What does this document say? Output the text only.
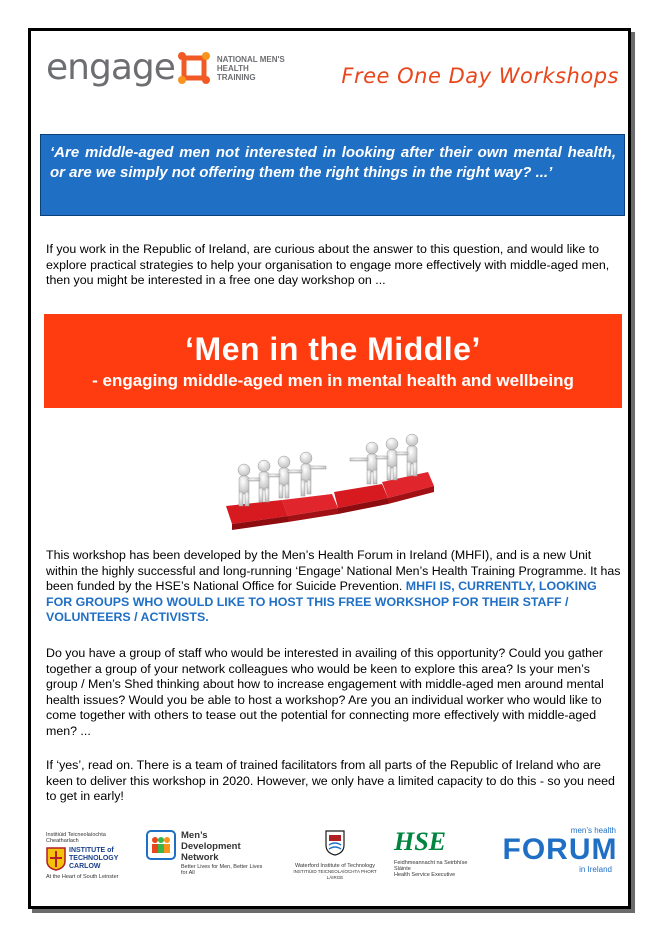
engage	NATIONAL MEN'S
HEALTH TRAINING	Free One Day Workshops
‘Are middle-aged men not interested in looking after their own mental health, or are we simply not offering them the right things in the right way? ...’
If you work in the Republic of Ireland, are curious about the answer to this question, and would like to explore practical strategies to help your organisation to engage more effectively with middle-aged men, then you might be interested in a free one day workshop on ...
‘Men in the Middle’
- engaging middle-aged men in mental health and wellbeing
This workshop has been developed by the Men’s Health Forum in Ireland (MHFI), and is a new Unit within the highly successful and long-running ‘Engage’ National Men’s Health Training Programme. It has been funded by the HSE’s National Office for Suicide Prevention. MHFI IS, CURRENTLY, LOOKING FOR GROUPS WHO WOULD LIKE TO HOST THIS FREE WORKSHOP FOR THEIR STAFF / VOLUNTEERS / ACTIVISTS.
Do you have a group of staff who would be interested in availing of this opportunity? Could you gather together a group of your network colleagues who would be keen to explore this area? Is your men’s group / Men’s Shed thinking about how to increase engagement with middle-aged men around mental health issues? Would you be able to host a workshop? Are you an individual worker who would like to come together with others to tease out the potential for connecting more effectively with middle-aged men? ...
If ‘yes’, read on. There is a team of trained facilitators from all parts of the Republic of Ireland who are keen to deliver this workshop in 2020. However, we only have a limited capacity to do this - so you need to get in early!
Institiúid Teicneolaíochta Cheatharlach
INSTITUTE of
TECHNOLOGY
CARLOW
At the Heart of South Leinster
Men’s
Development
Network
Better Lives for Men, Better Lives for All
Waterford Institute of Technology
INSTITIÚID TEICNEOLAÍOCHTA PHORT LÁIRGE
HSE
Feidhmeannacht na Seirbhíse Sláinte
Health Service Executive
men’s health
FORUM
in Ireland
